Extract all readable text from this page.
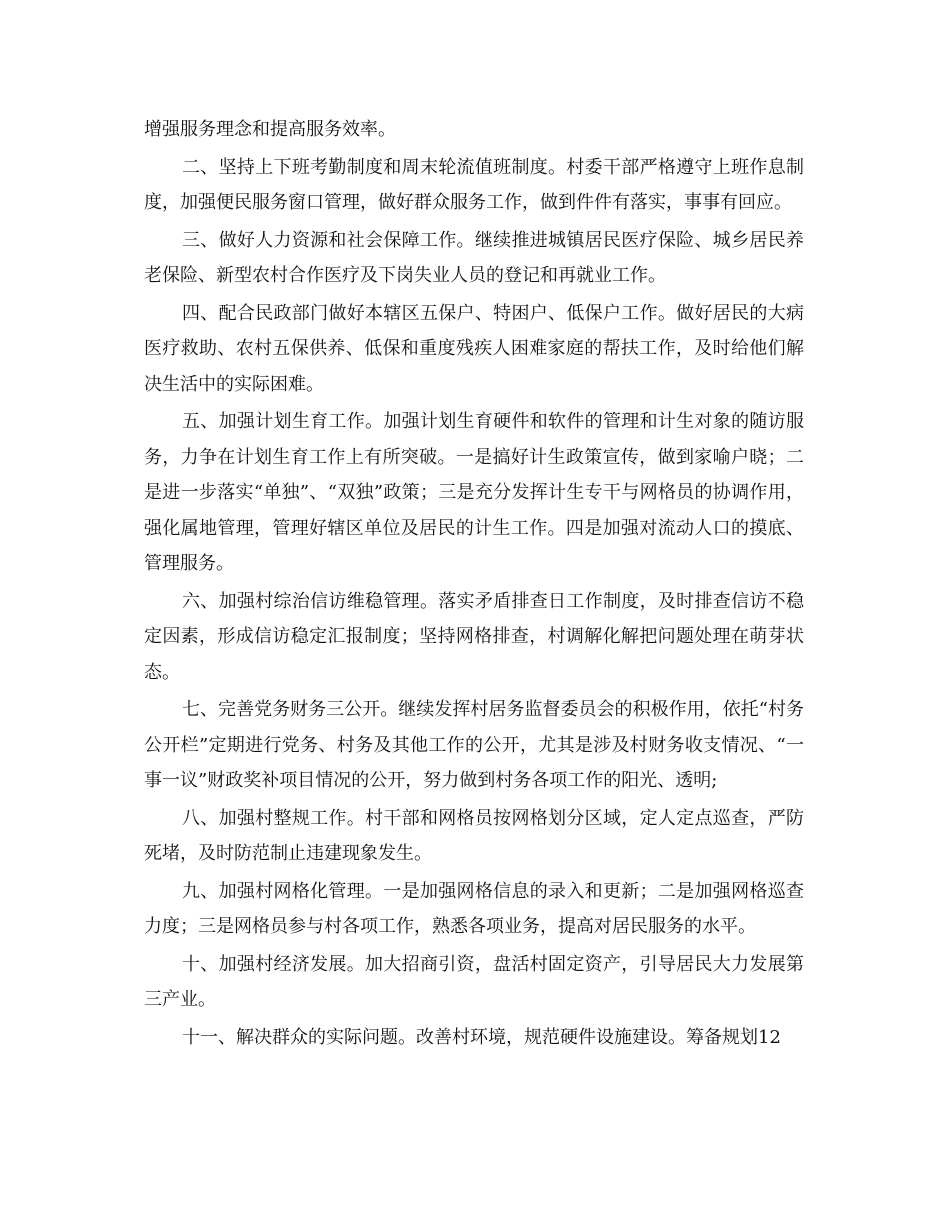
增强服务理念和提高服务效率。

二、坚持上下班考勤制度和周末轮流值班制度。村委干部严格遵守上班作息制度，加强便民服务窗口管理，做好群众服务工作，做到件件有落实，事事有回应。

三、做好人力资源和社会保障工作。继续推进城镇居民医疗保险、城乡居民养老保险、新型农村合作医疗及下岗失业人员的登记和再就业工作。

四、配合民政部门做好本辖区五保户、特困户、低保户工作。做好居民的大病医疗救助、农村五保供养、低保和重度残疾人困难家庭的帮扶工作，及时给他们解决生活中的实际困难。

五、加强计划生育工作。加强计划生育硬件和软件的管理和计生对象的随访服务，力争在计划生育工作上有所突破。一是搞好计生政策宣传，做到家喻户晓；二是进一步落实“单独”、“双独”政策；三是充分发挥计生专干与网格员的协调作用，强化属地管理，管理好辖区单位及居民的计生工作。四是加强对流动人口的摸底、管理服务。

六、加强村综治信访维稳管理。落实矛盾排查日工作制度，及时排查信访不稳定因素，形成信访稳定汇报制度；坚持网格排查，村调解化解把问题处理在萌芽状态。

七、完善党务财务三公开。继续发挥村居务监督委员会的积极作用，依托“村务公开栏”定期进行党务、村务及其他工作的公开，尤其是涉及村财务收支情况、“一事一议”财政奖补项目情况的公开，努力做到村务各项工作的阳光、透明;

八、加强村整规工作。村干部和网格员按网格划分区域，定人定点巡查，严防死堵，及时防范制止违建现象发生。

九、加强村网格化管理。一是加强网格信息的录入和更新；二是加强网格巡查力度；三是网格员参与村各项工作，熟悉各项业务，提高对居民服务的水平。

十、加强村经济发展。加大招商引资，盘活村固定资产，引导居民大力发展第三产业。

十一、解决群众的实际问题。改善村环境，规范硬件设施建设。筹备规划12
